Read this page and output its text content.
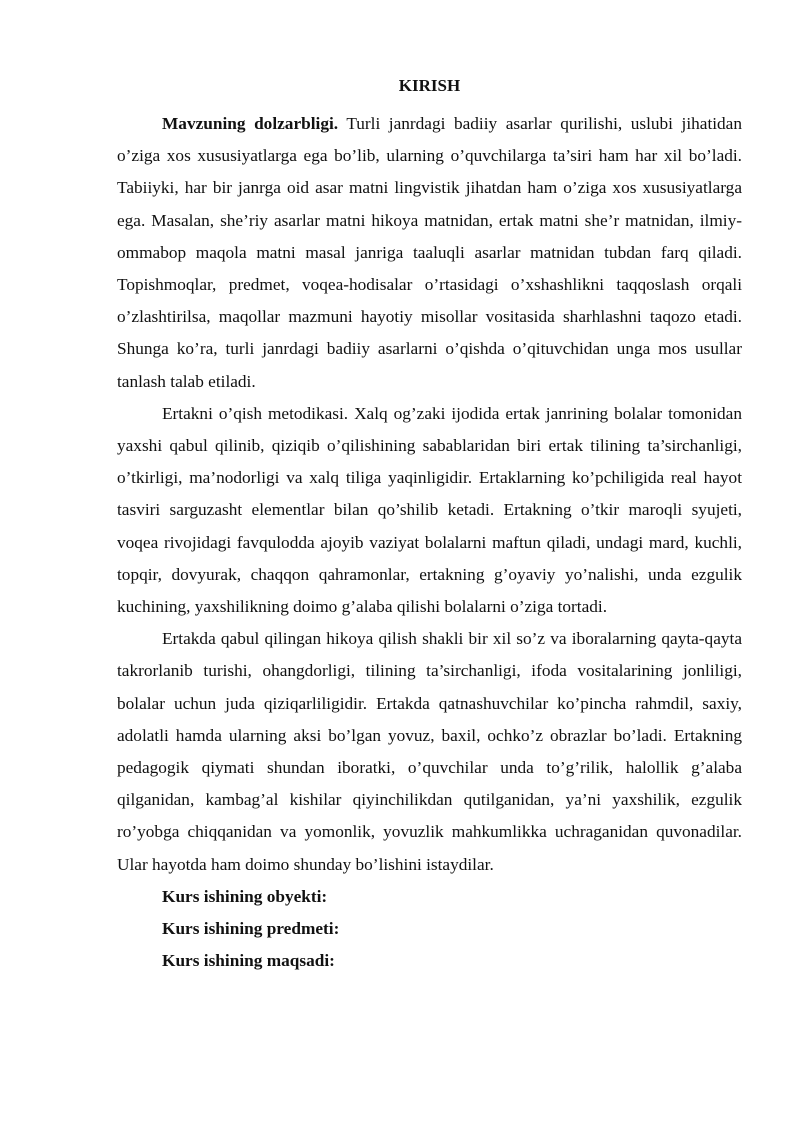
KIRISH

Mavzuning dolzarbligi. Turli janrdagi badiiy asarlar qurilishi, uslubi jihatidan o’ziga xos xususiyatlarga ega bo’lib, ularning o’quvchilarga ta’siri ham har xil bo’ladi. Tabiiyki, har bir janrga oid asar matni lingvistik jihatdan ham o’ziga xos xususiyatlarga ega. Masalan, she’riy asarlar matni hikoya matnidan, ertak matni she’r matnidan, ilmiy-ommabop maqola matni masal janriga taaluqli asarlar matnidan tubdan farq qiladi. Topishmoqlar, predmet, voqea-hodisalar o’rtasidagi o’xshashlikni taqqoslash orqali o’zlashtirilsa, maqollar mazmuni hayotiy misollar vositasida sharhlashni taqozo etadi. Shunga ko’ra, turli janrdagi badiiy asarlarni o’qishda o’qituvchidan unga mos usullar tanlash talab etiladi.

Ertakni o’qish metodikasi. Xalq og’zaki ijodida ertak janrining bolalar tomonidan yaxshi qabul qilinib, qiziqib o’qilishining sabablaridan biri ertak tilining ta’sirchanligi, o’tkirligi, ma’nodorligi va xalq tiliga yaqinligidir. Ertaklarning ko’pchiligida real hayot tasviri sarguzasht elementlar bilan qo’shilib ketadi. Ertakning o’tkir maroqli syujeti, voqea rivojidagi favqulodda ajoyib vaziyat bolalarni maftun qiladi, undagi mard, kuchli, topqir, dovyurak, chaqqon qahramonlar, ertakning g’oyaviy yo’nalishi, unda ezgulik kuchining, yaxshilikning doimo g’alaba qilishi bolalarni o’ziga tortadi.

Ertakda qabul qilingan hikoya qilish shakli bir xil so’z va iboralarning qayta-qayta takrorlanib turishi, ohangdorligi, tilining ta’sirchanligi, ifoda vositalarining jonliligi, bolalar uchun juda qiziqarliligidir. Ertakda qatnashuvchilar ko’pincha rahmdil, saxiy, adolatli hamda ularning aksi bo’lgan yovuz, baxil, ochko’z obrazlar bo’ladi. Ertakning pedagogik qiymati shundan iboratki, o’quvchilar unda to’g’rilik, halollik g’alaba qilganidan, kambag’al kishilar qiyinchilikdan qutilganidan, ya’ni yaxshilik, ezgulik ro’yobga chiqqanidan va yomonlik, yovuzlik mahkumlikka uchraganidan quvonadilar. Ular hayotda ham doimo shunday bo’lishini istaydilar.

Kurs ishining obyekti:

Kurs ishining predmeti:

Kurs ishining maqsadi:
